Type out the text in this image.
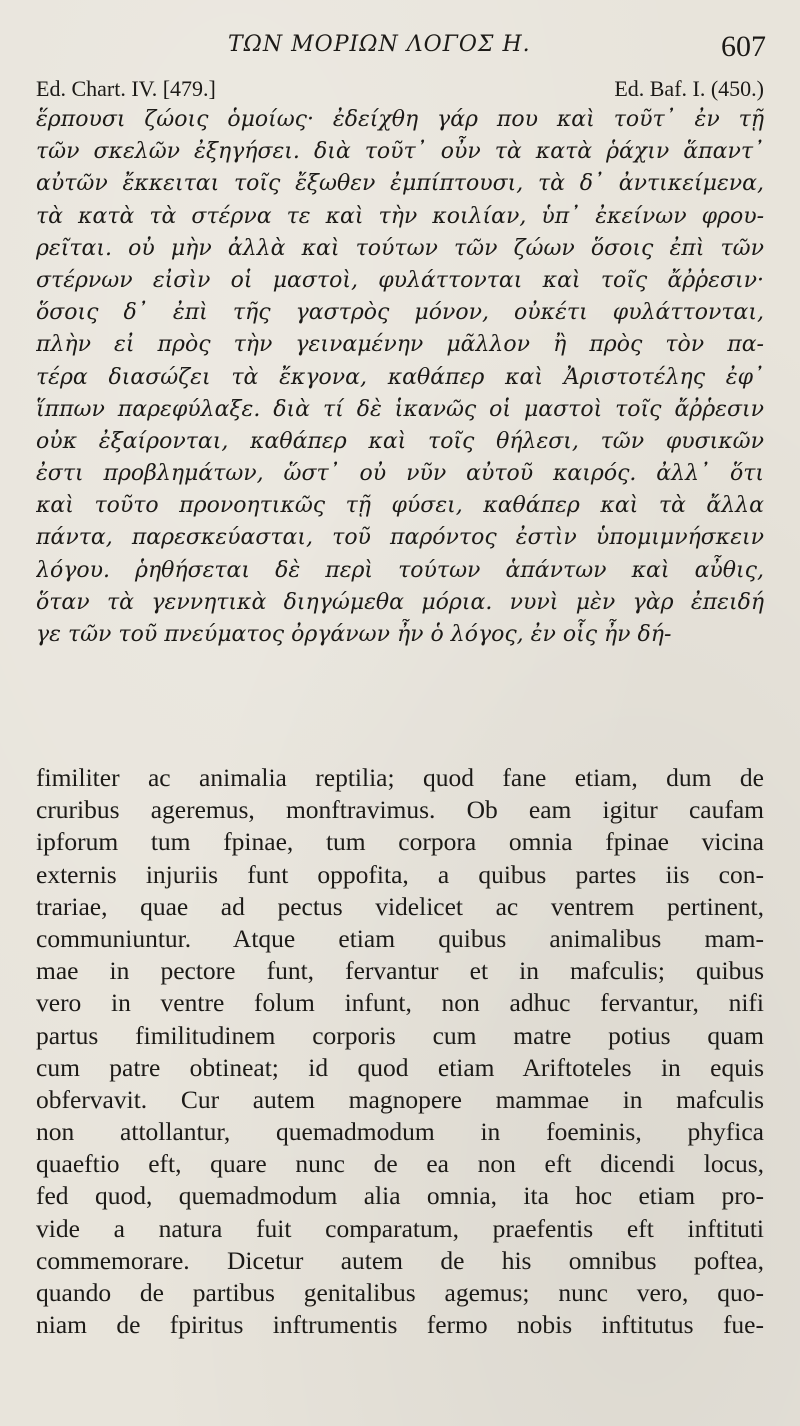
ΤΩΝ ΜΟΡΙΩΝ ΛΟΓΟΣ Η.	607
Ed. Chart. IV. [479.]	Ed. Baf. I. (450.)
ἕρπουσι ζώοις ὁμοίως· ἐδείχθη γάρ που καὶ τοῦτ᾽ ἐν τῇ
τῶν σκελῶν ἐξηγήσει. διὰ τοῦτ᾽ οὖν τὰ κατὰ ῥάχιν ἅπαντ᾽
αὐτῶν ἔκκειται τοῖς ἔξωθεν ἐμπίπτουσι, τὰ δ᾽ ἀντικείμενα,
τὰ κατὰ τὰ στέρνα τε καὶ τὴν κοιλίαν, ὑπ᾽ ἐκείνων φρου-
ρεῖται. οὐ μὴν ἀλλὰ καὶ τούτων τῶν ζώων ὅσοις ἐπὶ τῶν
στέρνων εἰσὶν οἱ μαστοὶ, φυλάττονται καὶ τοῖς ἄῤῥεσιν·
ὅσοις δ᾽ ἐπὶ τῆς γαστρὸς μόνον, οὐκέτι φυλάττονται,
πλὴν εἰ πρὸς τὴν γειναμένην μᾶλλον ἢ πρὸς τὸν πα-
τέρα διασώζει τὰ ἔκγονα, καθάπερ καὶ Ἀριστοτέλης ἐφ᾽
ἵππων παρεφύλαξε. διὰ τί δὲ ἱκανῶς οἱ μαστοὶ τοῖς ἄῤῥεσιν
οὐκ ἐξαίρονται, καθάπερ καὶ τοῖς θήλεσι, τῶν φυσικῶν
ἐστι προβλημάτων, ὥστ᾽ οὐ νῦν αὐτοῦ καιρός. ἀλλ᾽ ὅτι
καὶ τοῦτο προνοητικῶς τῇ φύσει, καθάπερ καὶ τὰ ἄλλα
πάντα, παρεσκεύασται, τοῦ παρόντος ἐστὶν ὑπομιμνήσκειν
λόγου. ῥηθήσεται δὲ περὶ τούτων ἁπάντων καὶ αὖθις,
ὅταν τὰ γεννητικὰ διηγώμεθα μόρια. νυνὶ μὲν γὰρ ἐπειδή
γε τῶν τοῦ πνεύματος ὀργάνων ἦν ὁ λόγος, ἐν οἷς ἦν δή-
fimiliter ac animalia reptilia; quod fane etiam, dum de
cruribus ageremus, monftravimus. Ob eam igitur caufam
ipforum tum fpinae, tum corpora omnia fpinae vicina
externis injuriis funt oppofita, a quibus partes iis con-
trariae, quae ad pectus videlicet ac ventrem pertinent,
communiuntur. Atque etiam quibus animalibus mam-
mae in pectore funt, fervantur et in mafculis; quibus
vero in ventre folum infunt, non adhuc fervantur, nifi
partus fimilitudinem corporis cum matre potius quam
cum patre obtineat; id quod etiam Ariftoteles in equis
obfervavit. Cur autem magnopere mammae in mafculis
non attollantur, quemadmodum in foeminis, phyfica
quaeftio eft, quare nunc de ea non eft dicendi locus,
fed quod, quemadmodum alia omnia, ita hoc etiam pro-
vide a natura fuit comparatum, praefentis eft inftituti
commemorare. Dicetur autem de his omnibus poftea,
quando de partibus genitalibus agemus; nunc vero, quo-
niam de fpiritus inftrumentis fermo nobis inftitutus fue-
